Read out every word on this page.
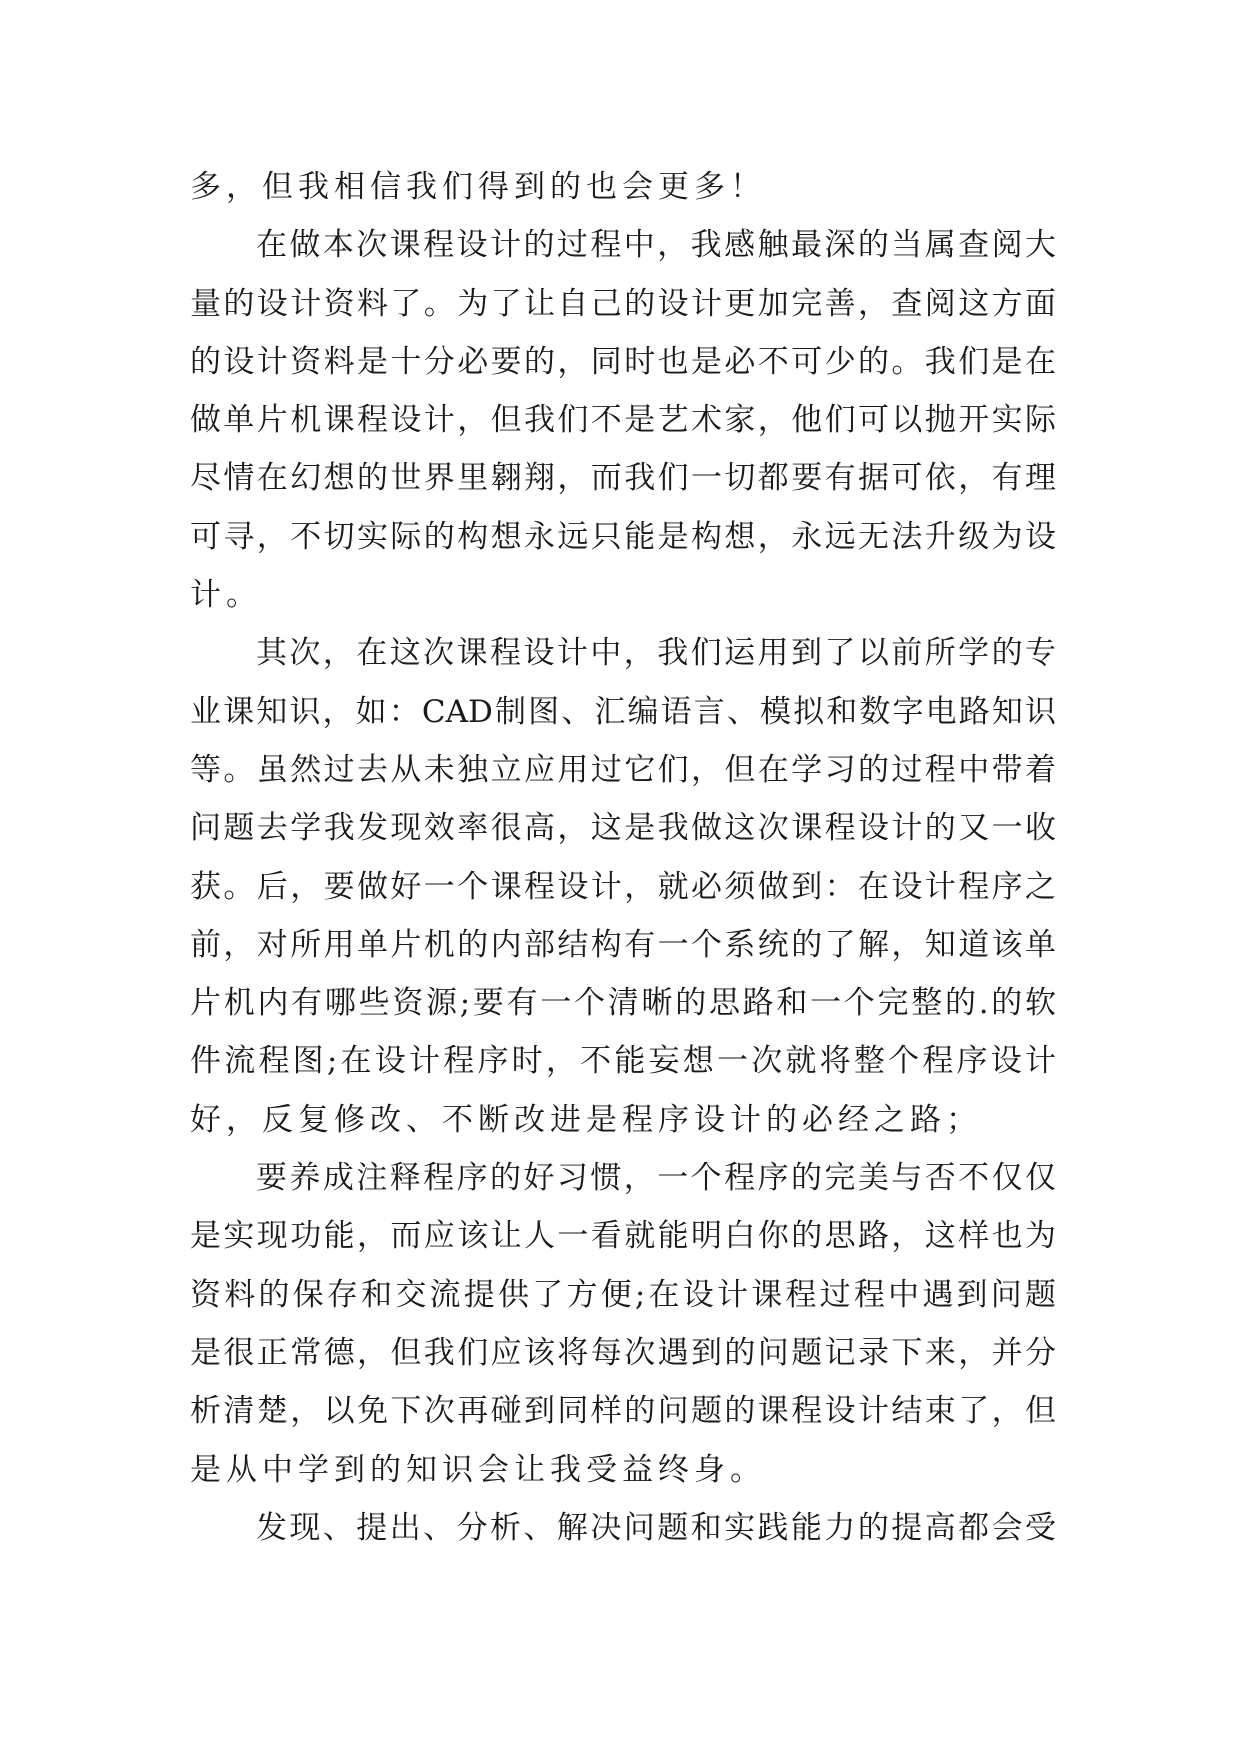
多，但我相信我们得到的也会更多！
在做本次课程设计的过程中，我感触最深的当属查阅大
量的设计资料了。为了让自己的设计更加完善，查阅这方面
的设计资料是十分必要的，同时也是必不可少的。我们是在
做单片机课程设计，但我们不是艺术家，他们可以抛开实际
尽情在幻想的世界里翱翔，而我们一切都要有据可依，有理
可寻，不切实际的构想永远只能是构想，永远无法升级为设
计。
其次，在这次课程设计中，我们运用到了以前所学的专
业课知识，如：CAD制图、汇编语言、模拟和数字电路知识
等。虽然过去从未独立应用过它们，但在学习的过程中带着
问题去学我发现效率很高，这是我做这次课程设计的又一收
获。后，要做好一个课程设计，就必须做到：在设计程序之
前，对所用单片机的内部结构有一个系统的了解，知道该单
片机内有哪些资源;要有一个清晰的思路和一个完整的.的软
件流程图;在设计程序时，不能妄想一次就将整个程序设计
好，反复修改、不断改进是程序设计的必经之路；
要养成注释程序的好习惯，一个程序的完美与否不仅仅
是实现功能，而应该让人一看就能明白你的思路，这样也为
资料的保存和交流提供了方便;在设计课程过程中遇到问题
是很正常德，但我们应该将每次遇到的问题记录下来，并分
析清楚，以免下次再碰到同样的问题的课程设计结束了，但
是从中学到的知识会让我受益终身。
发现、提出、分析、解决问题和实践能力的提高都会受
